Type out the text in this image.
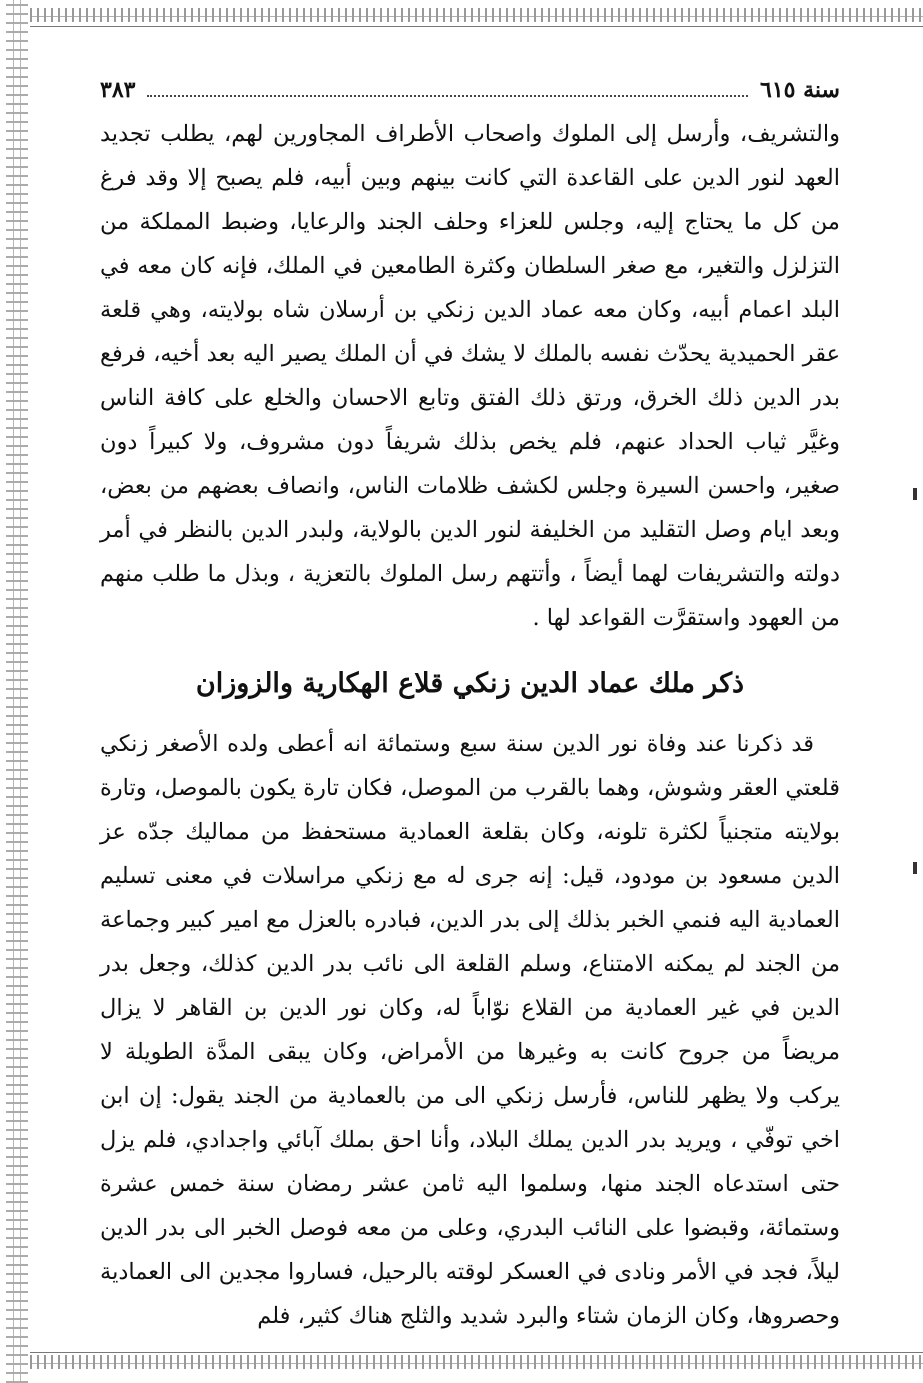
سنة ٦١٥
٣٨٣

والتشريف، وأرسل إلى الملوك واصحاب الأطراف المجاورين لهم، يطلب تجديد العهد لنور الدين على القاعدة التي كانت بينهم وبين أبيه، فلم يصبح إلا وقد فرغ من كل ما يحتاج إليه، وجلس للعزاء وحلف الجند والرعايا، وضبط المملكة من التزلزل والتغير، مع صغر السلطان وكثرة الطامعين في الملك، فإنه كان معه في البلد اعمام أبيه، وكان معه عماد الدين زنكي بن أرسلان شاه بولايته، وهي قلعة عقر الحميدية يحدّث نفسه بالملك لا يشك في أن الملك يصير اليه بعد أخيه، فرفع بدر الدين ذلك الخرق، ورتق ذلك الفتق وتابع الاحسان والخلع على كافة الناس وغيَّر ثياب الحداد عنهم، فلم يخص بذلك شريفاً دون مشروف، ولا كبيراً دون صغير، واحسن السيرة وجلس لكشف ظلامات الناس، وانصاف بعضهم من بعض، وبعد ايام وصل التقليد من الخليفة لنور الدين بالولاية، ولبدر الدين بالنظر في أمر دولته والتشريفات لهما أيضاً ، وأتتهم رسل الملوك بالتعزية ، وبذل ما طلب منهم من العهود واستقرَّت القواعد لها .

ذكر ملك عماد الدين زنكي قلاع الهكارية والزوزان

قد ذكرنا عند وفاة نور الدين سنة سبع وستمائة انه أعطى ولده الأصغر زنكي قلعتي العقر وشوش، وهما بالقرب من الموصل، فكان تارة يكون بالموصل، وتارة بولايته متجنياً لكثرة تلونه، وكان بقلعة العمادية مستحفظ من مماليك جدّه عز الدين مسعود بن مودود، قيل: إنه جرى له مع زنكي مراسلات في معنى تسليم العمادية اليه فنمي الخبر بذلك إلى بدر الدين، فبادره بالعزل مع امير كبير وجماعة من الجند لم يمكنه الامتناع، وسلم القلعة الى نائب بدر الدين كذلك، وجعل بدر الدين في غير العمادية من القلاع نوّاباً له، وكان نور الدين بن القاهر لا يزال مريضاً من جروح كانت به وغيرها من الأمراض، وكان يبقى المدَّة الطويلة لا يركب ولا يظهر للناس، فأرسل زنكي الى من بالعمادية من الجند يقول: إن ابن اخي توفّي ، ويريد بدر الدين يملك البلاد، وأنا احق بملك آبائي واجدادي، فلم يزل حتى استدعاه الجند منها، وسلموا اليه ثامن عشر رمضان سنة خمس عشرة وستمائة، وقبضوا على النائب البدري، وعلى من معه فوصل الخبر الى بدر الدين ليلاً، فجد في الأمر ونادى في العسكر لوقته بالرحيل، فساروا مجدين الى العمادية وحصروها، وكان الزمان شتاء والبرد شديد والثلج هناك كثير، فلم
